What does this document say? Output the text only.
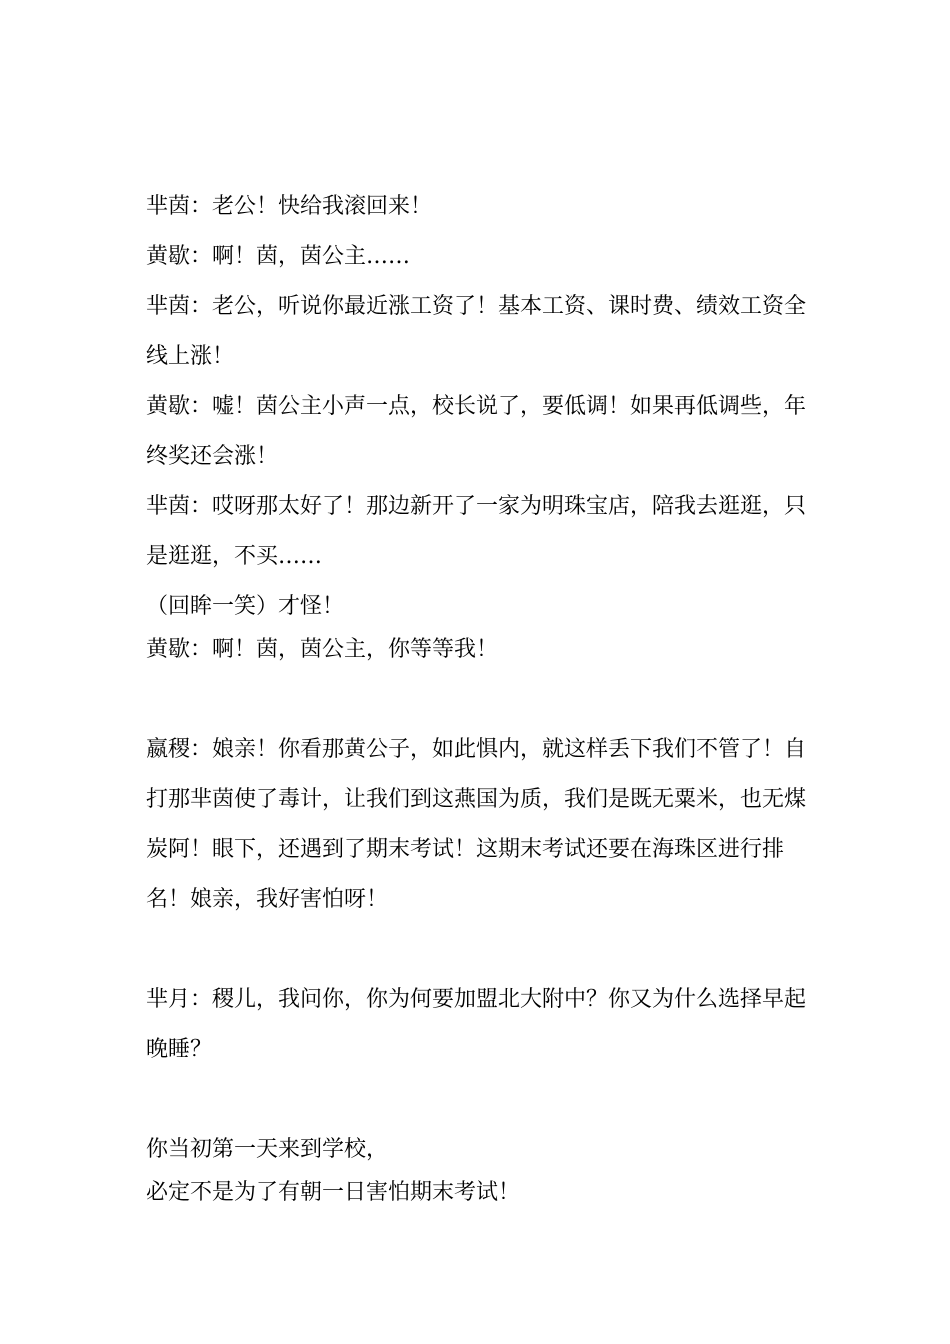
芈茵：老公！快给我滚回来！

黄歇：啊！茵，茵公主……

芈茵：老公，听说你最近涨工资了！基本工资、课时费、绩效工资全线上涨！

黄歇：嘘！茵公主小声一点，校长说了，要低调！如果再低调些，年终奖还会涨！

芈茵：哎呀那太好了！那边新开了一家为明珠宝店，陪我去逛逛，只是逛逛，不买……

（回眸一笑）才怪！

黄歇：啊！茵，茵公主，你等等我！

嬴稷：娘亲！你看那黄公子，如此惧内，就这样丢下我们不管了！自打那芈茵使了毒计，让我们到这燕国为质，我们是既无粟米，也无煤炭阿！眼下，还遇到了期末考试！这期末考试还要在海珠区进行排名！娘亲，我好害怕呀！

芈月：稷儿，我问你，你为何要加盟北大附中？你又为什么选择早起晚睡？

你当初第一天来到学校，

必定不是为了有朝一日害怕期末考试！
